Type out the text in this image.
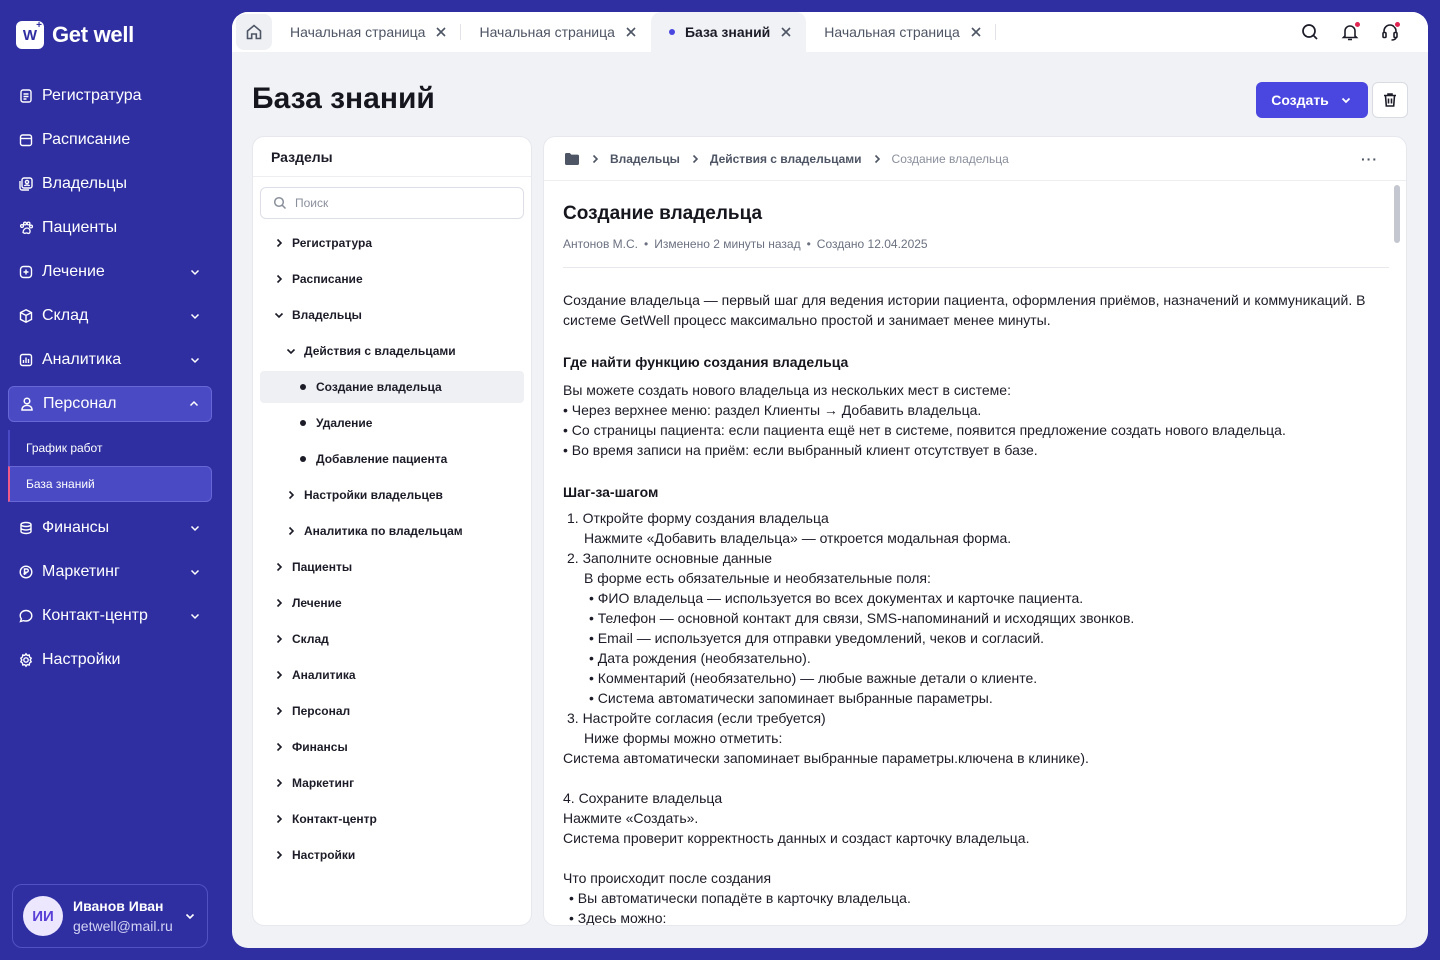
W + Get well
Регистратура
Расписание
Владельцы
Пациенты
Лечение
Склад
Аналитика
Персонал
График работ
База знаний
Финансы
Маркетинг
Контакт-центр
Настройки
ИИ
Иванов Иван
getwell@mail.ru
Начальная страница	Начальная страница	База знаний	Начальная страница
База знаний	Создать
Разделы
Поиск
Регистратура
Расписание
Владельцы
Действия с владельцами
Создание владельца
Удаление
Добавление пациента
Настройки владельцев
Аналитика по владельцам
Пациенты
Лечение
Склад
Аналитика
Персонал
Финансы
Маркетинг
Контакт-центр
Настройки
Владельцы	Действия с владельцами	Создание владельца	···
Создание владельца
Антонов М.С. • Изменено 2 минуты назад • Создано 12.04.2025
Создание владельца — первый шаг для ведения истории пациента, оформления приёмов, назначений и коммуникаций. В системе GetWell процесс максимально простой и занимает менее минуты.
Где найти функцию создания владельца
Вы можете создать нового владельца из нескольких мест в системе:
• Через верхнее меню: раздел Клиенты → Добавить владельца.
• Со страницы пациента: если пациента ещё нет в системе, появится предложение создать нового владельца.
• Во время записи на приём: если выбранный клиент отсутствует в базе.
Шаг-за-шагом
1. Откройте форму создания владельца
Нажмите «Добавить владельца» — откроется модальная форма.
2. Заполните основные данные
В форме есть обязательные и необязательные поля:
• ФИО владельца — используется во всех документах и карточке пациента.
• Телефон — основной контакт для связи, SMS-напоминаний и исходящих звонков.
• Email — используется для отправки уведомлений, чеков и согласий.
• Дата рождения (необязательно).
• Комментарий (необязательно) — любые важные детали о клиенте.
• Система автоматически запоминает выбранные параметры.
3. Настройте согласия (если требуется)
Ниже формы можно отметить:
Система автоматически запоминает выбранные параметры.ключена в клинике).
4. Сохраните владельца
Нажмите «Создать».
Система проверит корректность данных и создаст карточку владельца.
Что происходит после создания
• Вы автоматически попадёте в карточку владельца.
• Здесь можно:
